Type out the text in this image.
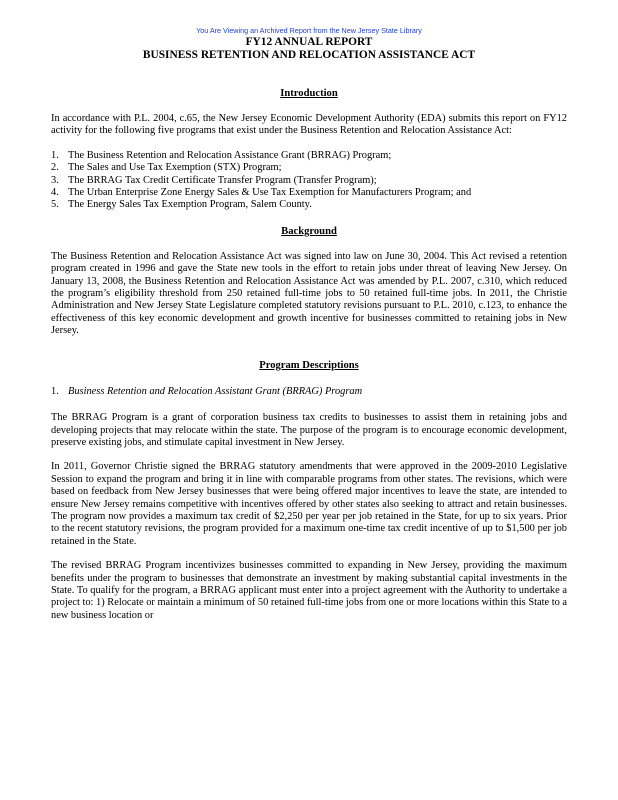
You Are Viewing an Archived Report from the New Jersey State Library
FY12 ANNUAL REPORT
BUSINESS RETENTION AND RELOCATION ASSISTANCE ACT
Introduction

In accordance with P.L. 2004, c.65, the New Jersey Economic Development Authority (EDA) submits this report on FY12 activity for the following five programs that exist under the Business Retention and Relocation Assistance Act:

1. The Business Retention and Relocation Assistance Grant (BRRAG) Program;
2. The Sales and Use Tax Exemption (STX) Program;
3. The BRRAG Tax Credit Certificate Transfer Program (Transfer Program);
4. The Urban Enterprise Zone Energy Sales & Use Tax Exemption for Manufacturers Program; and
5. The Energy Sales Tax Exemption Program, Salem County.
Background

The Business Retention and Relocation Assistance Act was signed into law on June 30, 2004. This Act revised a retention program created in 1996 and gave the State new tools in the effort to retain jobs under threat of leaving New Jersey. On January 13, 2008, the Business Retention and Relocation Assistance Act was amended by P.L. 2007, c.310, which reduced the program’s eligibility threshold from 250 retained full-time jobs to 50 retained full-time jobs. In 2011, the Christie Administration and New Jersey State Legislature completed statutory revisions pursuant to P.L. 2010, c.123, to enhance the effectiveness of this key economic development and growth incentive for businesses committed to retaining jobs in New Jersey.

Program Descriptions
1. Business Retention and Relocation Assistant Grant (BRRAG) Program

The BRRAG Program is a grant of corporation business tax credits to businesses to assist them in retaining jobs and developing projects that may relocate within the state. The purpose of the program is to encourage economic development, preserve existing jobs, and stimulate capital investment in New Jersey.

In 2011, Governor Christie signed the BRRAG statutory amendments that were approved in the 2009-2010 Legislative Session to expand the program and bring it in line with comparable programs from other states. The revisions, which were based on feedback from New Jersey businesses that were being offered major incentives to leave the state, are intended to ensure New Jersey remains competitive with incentives offered by other states also seeking to attract and retain businesses. The program now provides a maximum tax credit of $2,250 per year per job retained in the State, for up to six years. Prior to the recent statutory revisions, the program provided for a maximum one-time tax credit incentive of up to $1,500 per job retained in the State.

The revised BRRAG Program incentivizes businesses committed to expanding in New Jersey, providing the maximum benefits under the program to businesses that demonstrate an investment by making substantial capital investments in the State. To qualify for the program, a BRRAG applicant must enter into a project agreement with the Authority to undertake a project to: 1) Relocate or maintain a minimum of 50 retained full-time jobs from one or more locations within this State to a new business location or
